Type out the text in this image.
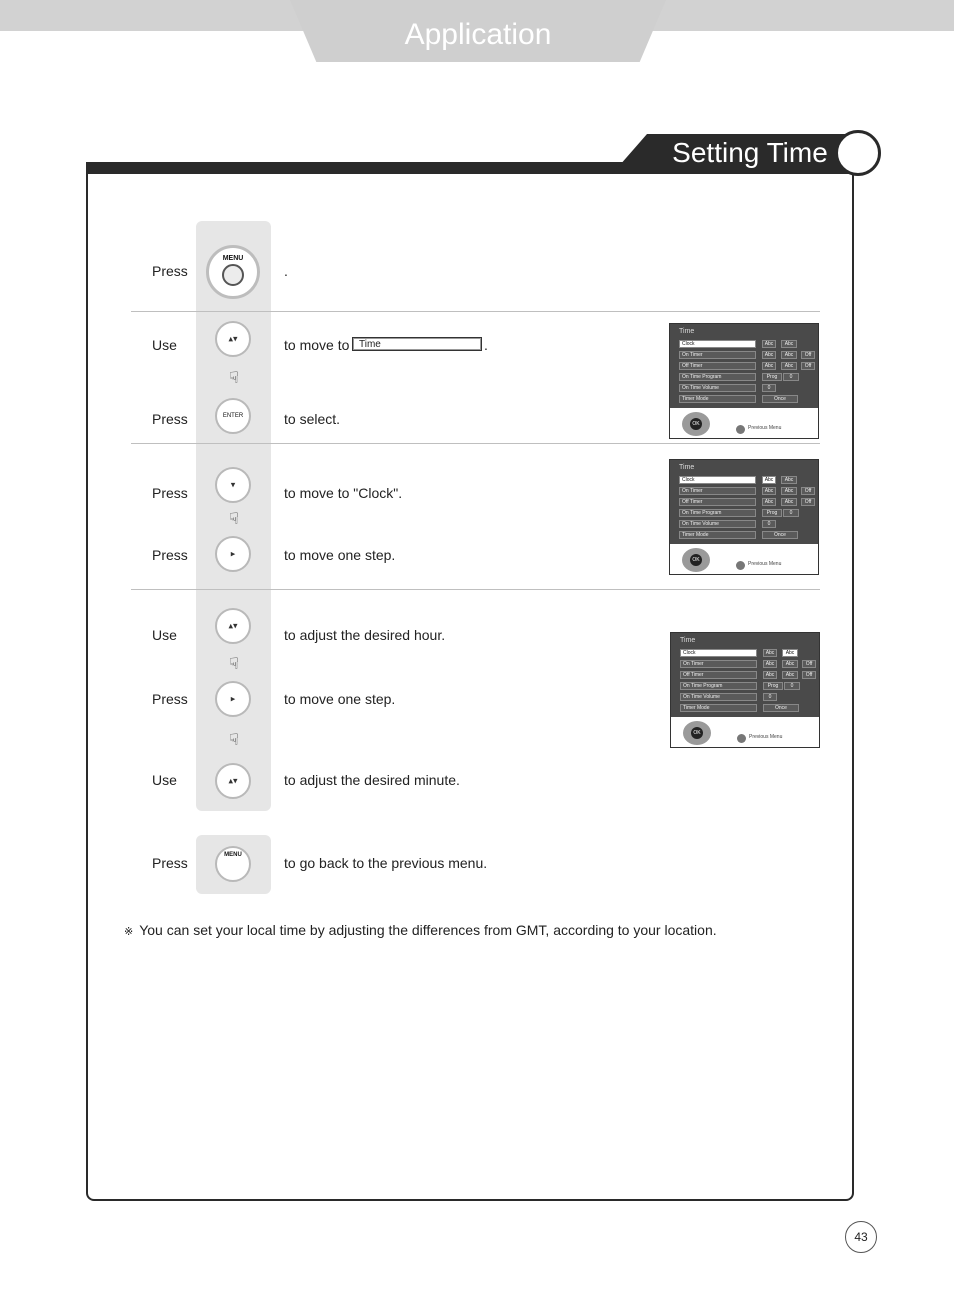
Application
Setting Time
Press
MENU
.
Use	▴▾	to move to Time	.
☟
Press	ENTER	to select.
Press
▾
to move to "Clock".
☟
Press	▸	to move one step.
Use
▴▾
to adjust the desired hour.
☟
Press	▸	to move one step.
☟
Use	▴▾	to adjust the desired minute.
Press	MENU	to go back to the previous menu.
Time
Clock	Abc	Abc
On Timer	Abc	Abc	Off
Off Timer	Abc	Abc	Off
On Time Program	Prog	0
On Time Volume	0
Timer Mode	Once
OK
Previous Menu
Time
Clock	Abc	Abc
On Timer	Abc	Abc	Off
Off Timer	Abc	Abc	Off
On Time Program	Prog	0
On Time Volume	0
Timer Mode	Once
OK
Previous Menu
Time
Clock	Abc	Abc
On Timer	Abc	Abc	Off
Off Timer	Abc	Abc	Off
On Time Program	Prog	0
On Time Volume	0
Timer Mode	Once
OK
Previous Menu
※ You can set your local time by adjusting the differences from GMT, according to your location.
43
